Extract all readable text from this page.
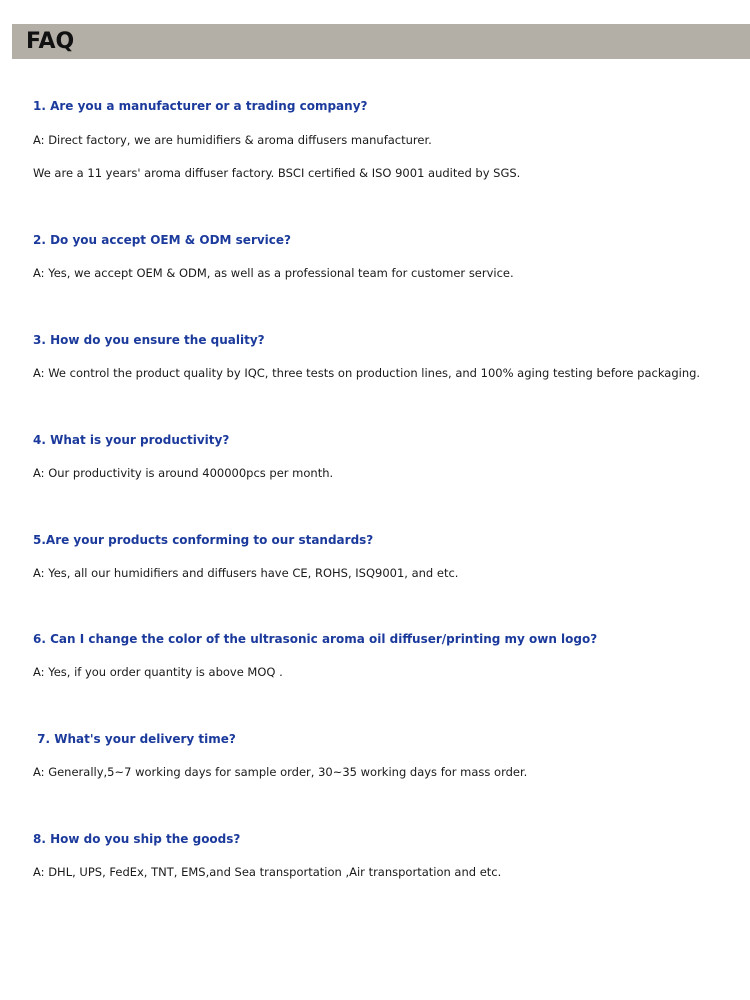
FAQ

1. Are you a manufacturer or a trading company?

A: Direct factory, we are humidifiers & aroma diffusers manufacturer.

We are a 11 years' aroma diffuser factory. BSCI certified & ISO 9001 audited by SGS.

2. Do you accept OEM & ODM service?

A: Yes, we accept OEM & ODM, as well as a professional team for customer service.

3. How do you ensure the quality?

A: We control the product quality by IQC, three tests on production lines, and 100% aging testing before packaging.

4. What is your productivity?

A: Our productivity is around 400000pcs per month.

5.Are your products conforming to our standards?

A: Yes, all our humidifiers and diffusers have CE, ROHS, ISQ9001, and etc.

6. Can I change the color of the ultrasonic aroma oil diffuser/printing my own logo?

A: Yes, if you order quantity is above MOQ .

7. What's your delivery time?

A: Generally,5~7 working days for sample order, 30~35 working days for mass order.

8. How do you ship the goods?

A: DHL, UPS, FedEx, TNT, EMS,and Sea transportation ,Air transportation and etc.
